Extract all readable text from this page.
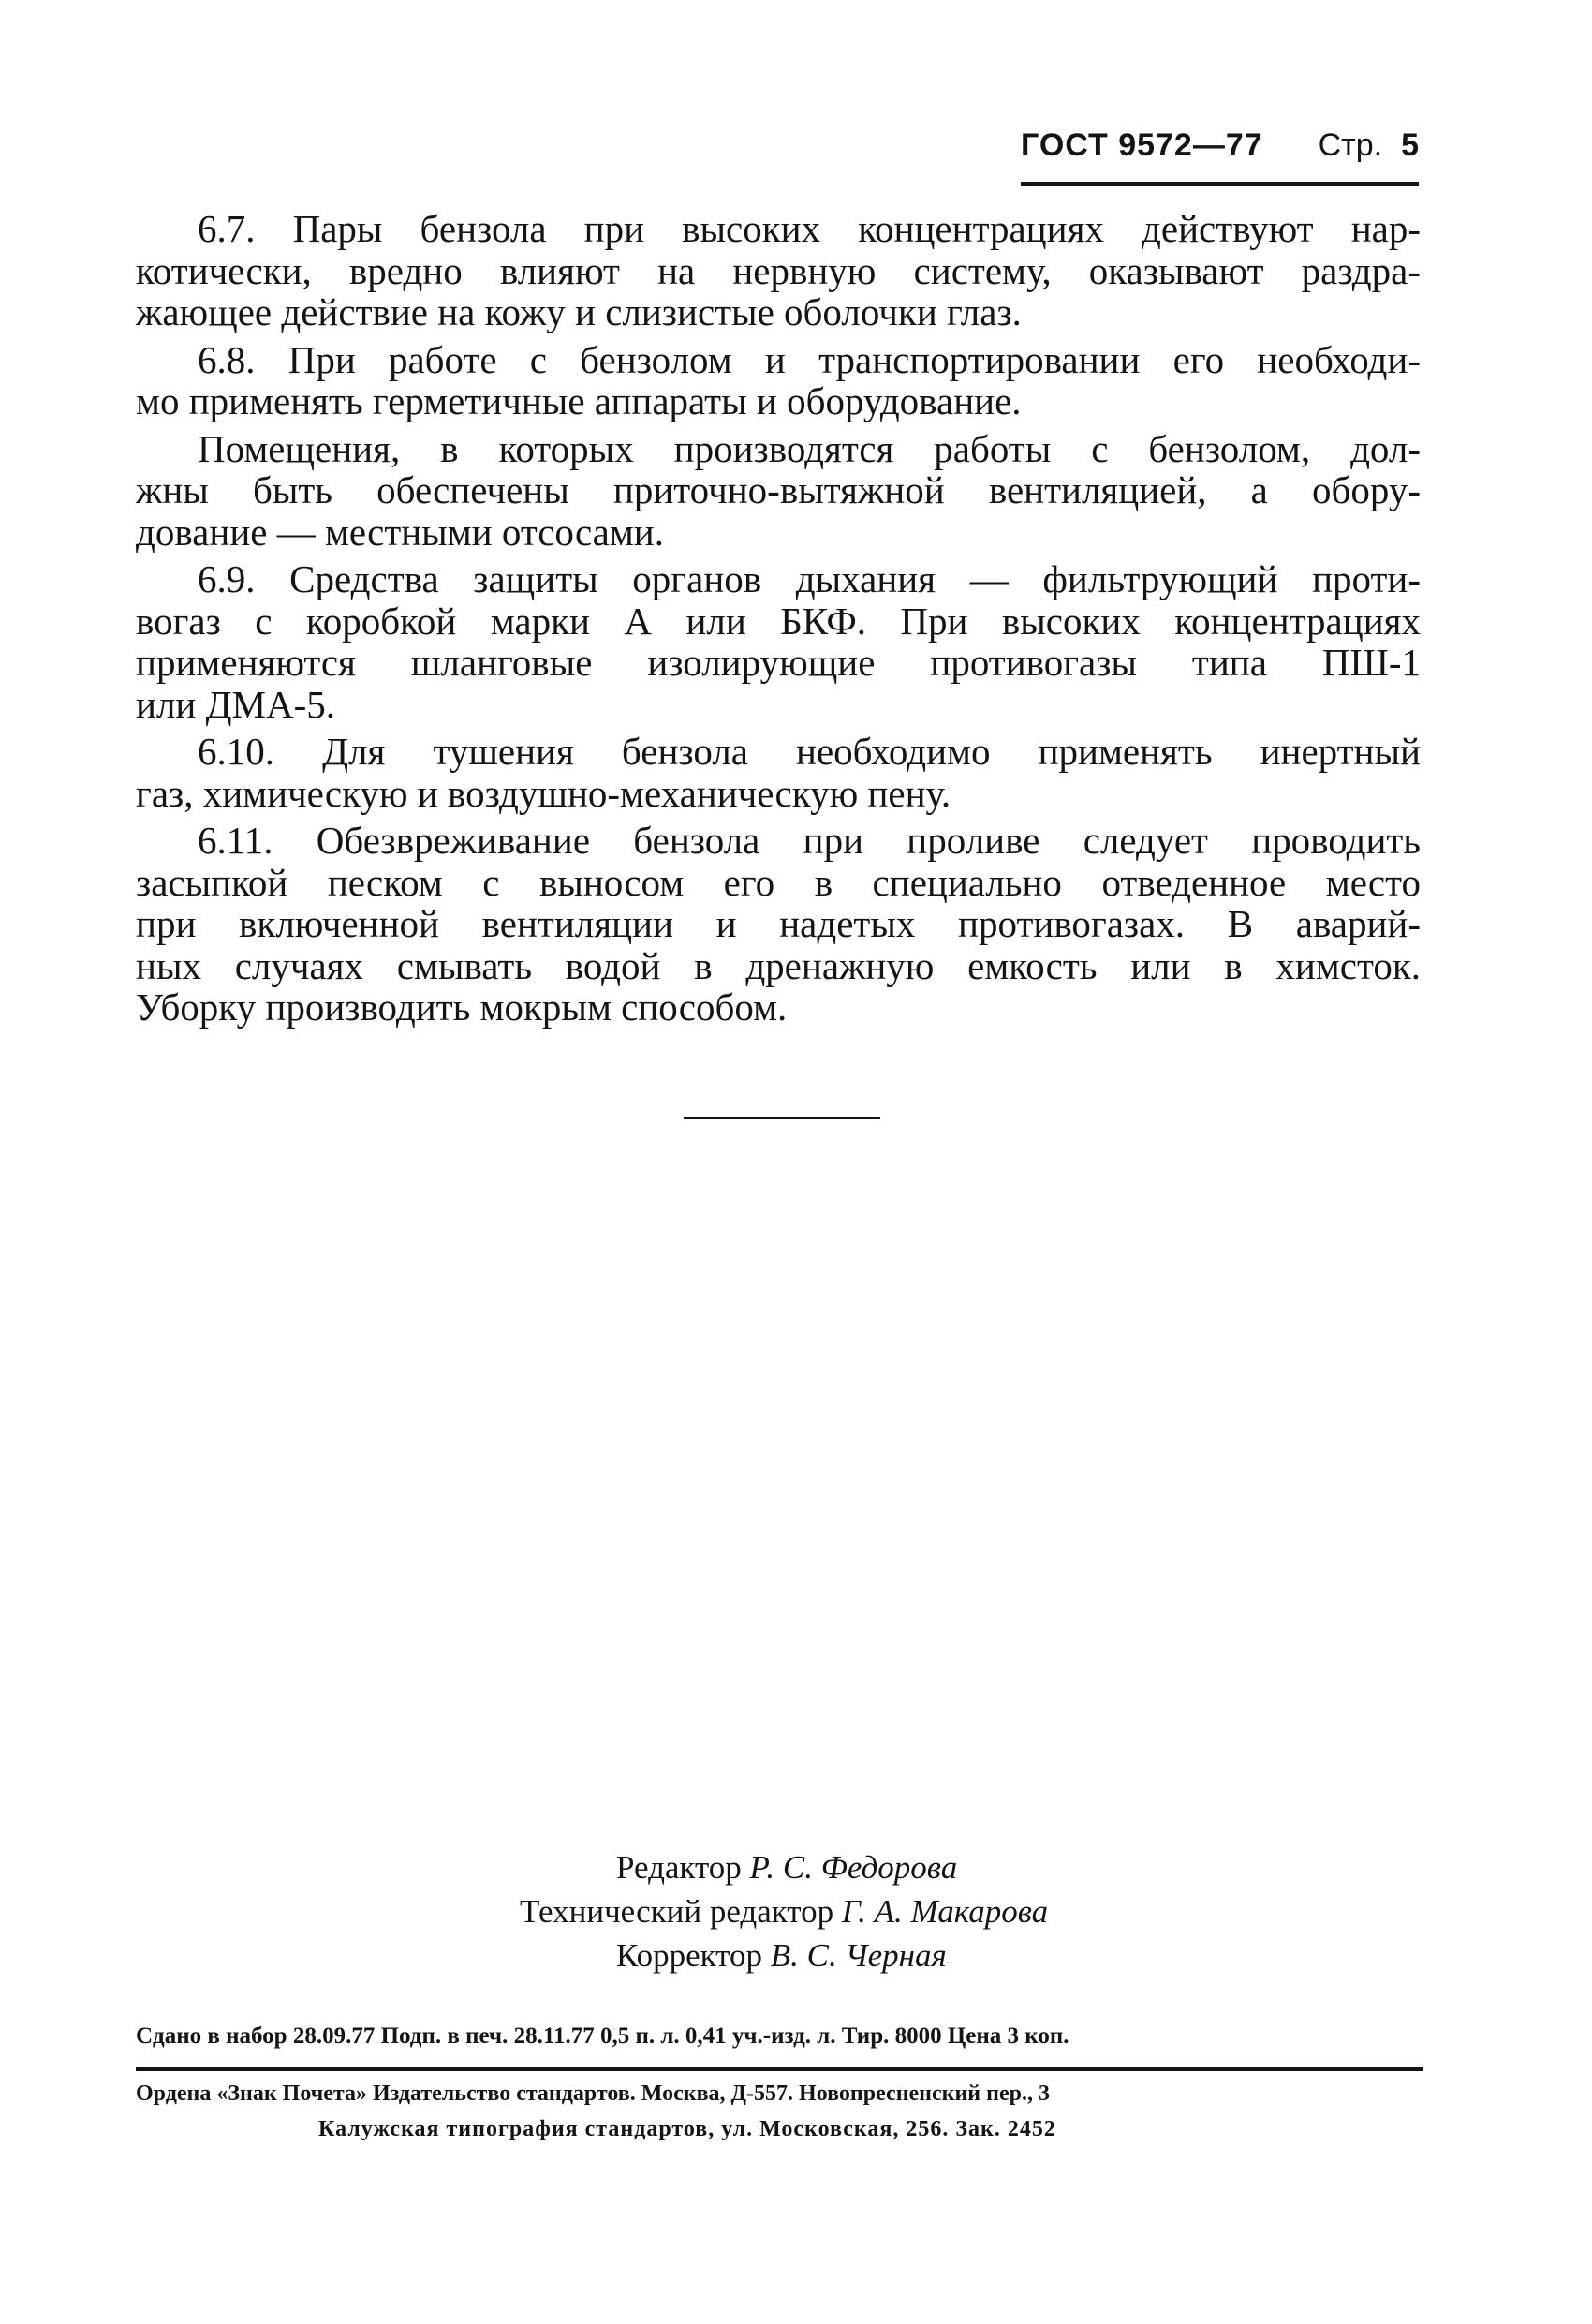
ГОСТ 9572—77 Стр. 5

6.7. Пары бензола при высоких концентрациях действуют нар-
котически, вредно влияют на нервную систему, оказывают раздра-
жающее действие на кожу и слизистые оболочки глаз.

6.8. При работе с бензолом и транспортировании его необходи-
мо применять герметичные аппараты и оборудование.

Помещения, в которых производятся работы с бензолом, дол-
жны быть обеспечены приточно-вытяжной вентиляцией, а обору-
дование — местными отсосами.

6.9. Средства защиты органов дыхания — фильтрующий проти-
вогаз с коробкой марки А или БКФ. При высоких концентрациях
применяются шланговые изолирующие противогазы типа ПШ-1
или ДМА-5.

6.10. Для тушения бензола необходимо применять инертный
газ, химическую и воздушно-механическую пену.

6.11. Обезвреживание бензола при проливе следует проводить
засыпкой песком с выносом его в специально отведенное место
при включенной вентиляции и надетых противогазах. В аварий-
ных случаях смывать водой в дренажную емкость или в химсток.
Уборку производить мокрым способом.

Редактор Р. С. Федорова
Технический редактор Г. А. Макарова
Корректор В. С. Черная
Сдано в набор 28.09.77 Подп. в печ. 28.11.77 0,5 п. л. 0,41 уч.-изд. л. Тир. 8000 Цена 3 коп.
Ордена «Знак Почета» Издательство стандартов. Москва, Д-557. Новопресненский пер., 3
Калужская типография стандартов, ул. Московская, 256. Зак. 2452
